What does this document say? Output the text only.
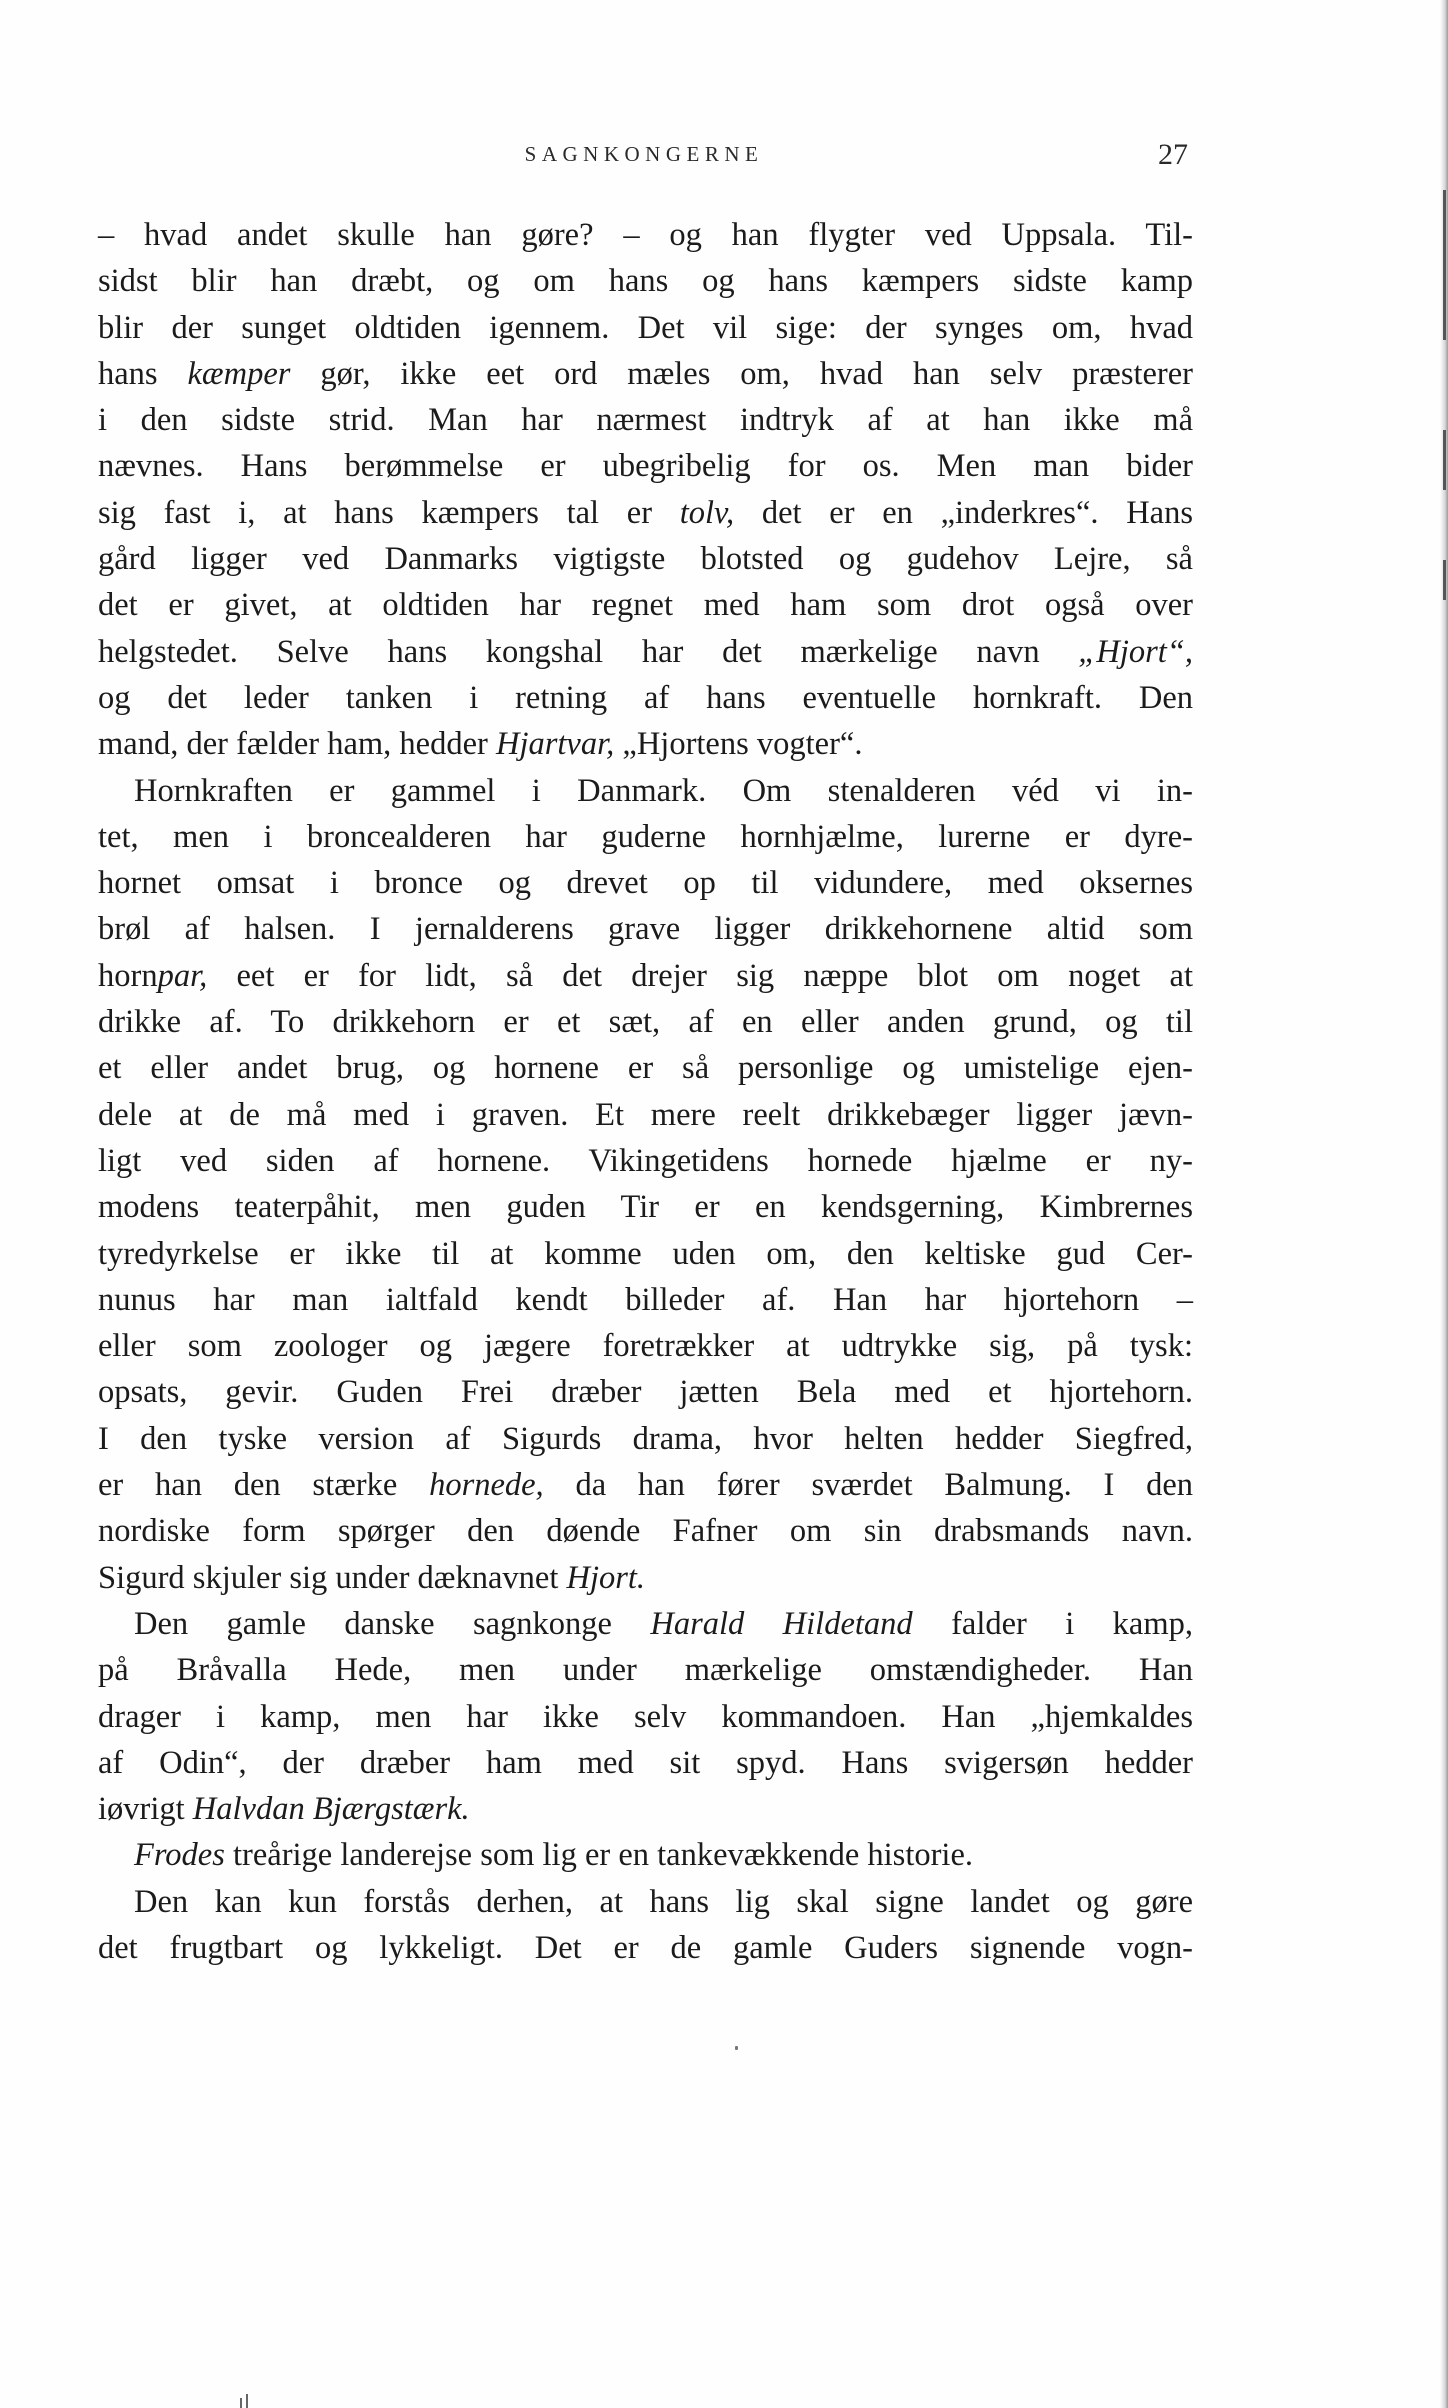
SAGNKONGERNE	27
– hvad andet skulle han gøre? – og han flygter ved Uppsala. Til-
sidst blir han dræbt, og om hans og hans kæmpers sidste kamp
blir der sunget oldtiden igennem. Det vil sige: der synges om, hvad
hans kæmper gør, ikke eet ord mæles om, hvad han selv præsterer
i den sidste strid. Man har nærmest indtryk af at han ikke må
nævnes. Hans berømmelse er ubegribelig for os. Men man bider
sig fast i, at hans kæmpers tal er tolv, det er en „inderkres“. Hans
gård ligger ved Danmarks vigtigste blotsted og gudehov Lejre, så
det er givet, at oldtiden har regnet med ham som drot også over
helgstedet. Selve hans kongshal har det mærkelige navn „Hjort“,
og det leder tanken i retning af hans eventuelle hornkraft. Den
mand, der fælder ham, hedder Hjartvar, „Hjortens vogter“.
Hornkraften er gammel i Danmark. Om stenalderen véd vi in-
tet, men i broncealderen har guderne hornhjælme, lurerne er dyre-
hornet omsat i bronce og drevet op til vidundere, med oksernes
brøl af halsen. I jernalderens grave ligger drikkehornene altid som
hornpar, eet er for lidt, så det drejer sig næppe blot om noget at
drikke af. To drikkehorn er et sæt, af en eller anden grund, og til
et eller andet brug, og hornene er så personlige og umistelige ejen-
dele at de må med i graven. Et mere reelt drikkebæger ligger jævn-
ligt ved siden af hornene. Vikingetidens hornede hjælme er ny-
modens teaterpåhit, men guden Tir er en kendsgerning, Kimbrernes
tyredyrkelse er ikke til at komme uden om, den keltiske gud Cer-
nunus har man ialtfald kendt billeder af. Han har hjortehorn –
eller som zoologer og jægere foretrækker at udtrykke sig, på tysk:
opsats, gevir. Guden Frei dræber jætten Bela med et hjortehorn.
I den tyske version af Sigurds drama, hvor helten hedder Siegfred,
er han den stærke hornede, da han fører sværdet Balmung. I den
nordiske form spørger den døende Fafner om sin drabsmands navn.
Sigurd skjuler sig under dæknavnet Hjort.
Den gamle danske sagnkonge Harald Hildetand falder i kamp,
på Bråvalla Hede, men under mærkelige omstændigheder. Han
drager i kamp, men har ikke selv kommandoen. Han „hjemkaldes
af Odin“, der dræber ham med sit spyd. Hans svigersøn hedder
iøvrigt Halvdan Bjærgstærk.
Frodes treårige landerejse som lig er en tankevækkende historie.
Den kan kun forstås derhen, at hans lig skal signe landet og gøre
det frugtbart og lykkeligt. Det er de gamle Guders signende vogn-
